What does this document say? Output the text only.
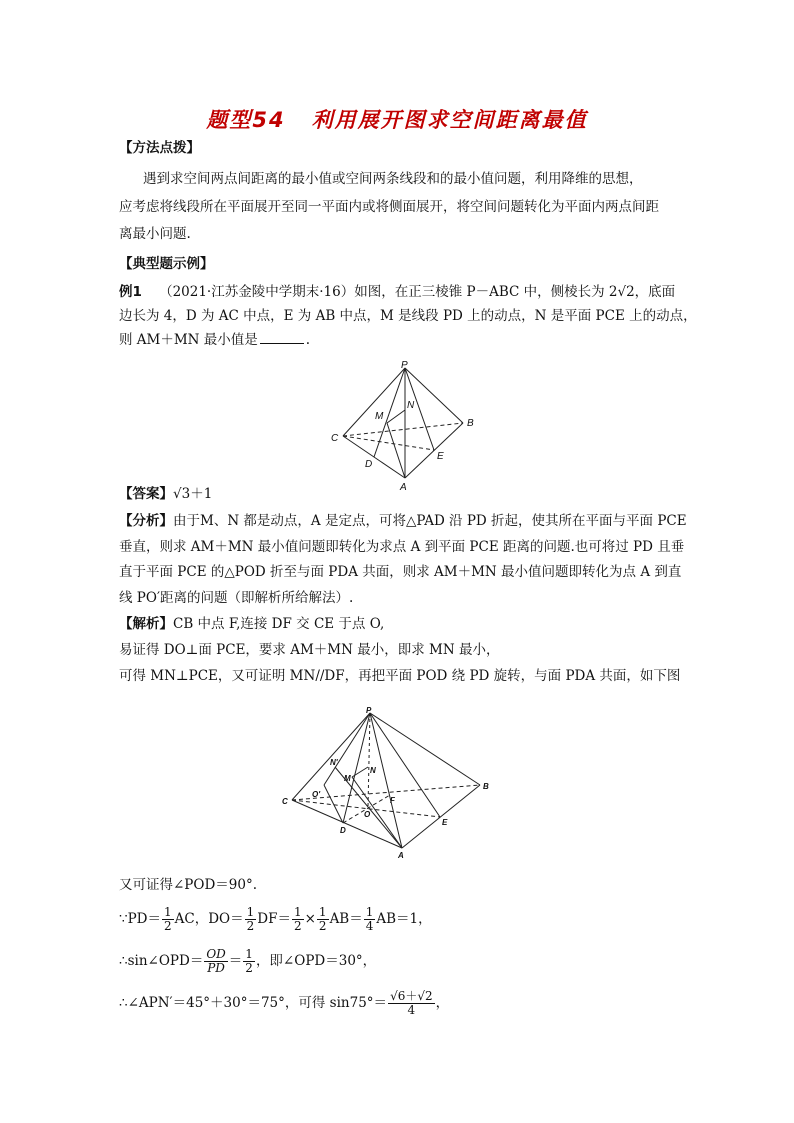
题型54 利用展开图求空间距离最值
【方法点拨】
遇到求空间两点间距离的最小值或空间两条线段和的最小值问题，利用降维的思想，
应考虑将线段所在平面展开至同一平面内或将侧面展开，将空间问题转化为平面内两点间距
离最小问题.
【典型题示例】
例1 （2021·江苏金陵中学期末·16）如图，在正三棱锥 P－ABC 中，侧棱长为 2√2，底面
边长为 4，D 为 AC 中点，E 为 AB 中点，M 是线段 PD 上的动点，N 是平面 PCE 上的动点，
则 AM＋MN 最小值是	.
P
M
N
C
B
D
E
A
【答案】√3＋1
【分析】由于M、N 都是动点，A 是定点，可将△PAD 沿 PD 折起，使其所在平面与平面 PCE
垂直，则求 AM＋MN 最小值问题即转化为求点 A 到平面 PCE 距离的问题.也可将过 PD 且垂
直于平面 PCE 的△POD 折至与面 PDA 共面，则求 AM＋MN 最小值问题即转化为点 A 到直
线 PO′距离的问题（即解析所给解法）.
【解析】CB 中点 F,连接 DF 交 CE 于点 O,
易证得 DO⊥面 PCE，要求 AM＋MN 最小，即求 MN 最小，
可得 MN⊥PCE，又可证明 MN//DF，再把平面 POD 绕 PD 旋转，与面 PDA 共面，如下图
P
N'
N
M
O'
C	F
B
O
D
E
A
又可证得∠POD＝90°.
∵PD＝ $\frac{1}{2}$ AC，$DO= \frac{1}{2} DF= \frac{1}{2} \times \frac{1}{2} AB= \frac{1}{4} AB=1$，
∴sin∠OPD＝ $\frac{OD}{PD} = \frac{1}{2}$ ，即∠OPD＝30°，
∴∠APN′＝45°＋30°＝75°，可得 $\sin 75^\circ= \frac{√6+√2}{4}$ ，
